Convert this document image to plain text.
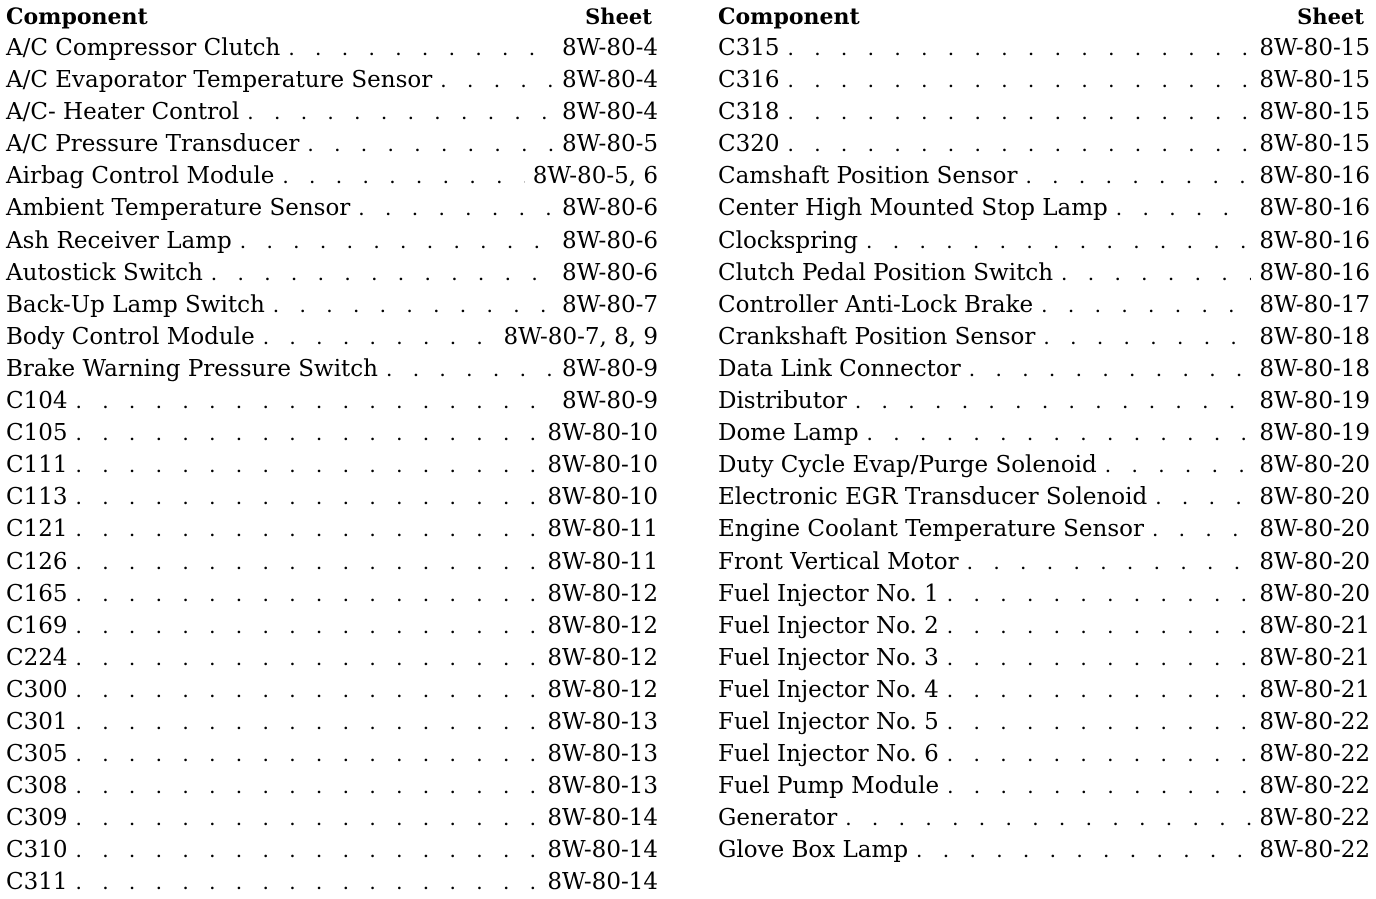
Component	Sheet
A/C Compressor Clutch . . .	8W-80-4
A/C Evaporator Temperature Sensor . . .	8W-80-4
A/C- Heater Control . . .	8W-80-4
A/C Pressure Transducer . . .	8W-80-5
Airbag Control Module . . .	8W-80-5, 6
Ambient Temperature Sensor . . .	8W-80-6
Ash Receiver Lamp . . .	8W-80-6
Autostick Switch . . .	8W-80-6
Back-Up Lamp Switch . . .	8W-80-7
Body Control Module . . .	8W-80-7, 8, 9
Brake Warning Pressure Switch . . .	8W-80-9
C104 . . .	8W-80-9
C105 . . .	8W-80-10
C111 . . .	8W-80-10
C113 . . .	8W-80-10
C121 . . .	8W-80-11
C126 . . .	8W-80-11
C165 . . .	8W-80-12
C169 . . .	8W-80-12
C224 . . .	8W-80-12
C300 . . .	8W-80-12
C301 . . .	8W-80-13
C305 . . .	8W-80-13
C308 . . .	8W-80-13
C309 . . .	8W-80-14
C310 . . .	8W-80-14
C311 . . .	8W-80-14
Component	Sheet
C315 . . .	8W-80-15
C316 . . .	8W-80-15
C318 . . .	8W-80-15
C320 . . .	8W-80-15
Camshaft Position Sensor . . .	8W-80-16
Center High Mounted Stop Lamp . . .	8W-80-16
Clockspring . . .	8W-80-16
Clutch Pedal Position Switch . . .	8W-80-16
Controller Anti-Lock Brake . . .	8W-80-17
Crankshaft Position Sensor . . .	8W-80-18
Data Link Connector . . .	8W-80-18
Distributor . . .	8W-80-19
Dome Lamp . . .	8W-80-19
Duty Cycle Evap/Purge Solenoid . . .	8W-80-20
Electronic EGR Transducer Solenoid . . .	8W-80-20
Engine Coolant Temperature Sensor . . .	8W-80-20
Front Vertical Motor . . .	8W-80-20
Fuel Injector No. 1 . . .	8W-80-20
Fuel Injector No. 2 . . .	8W-80-21
Fuel Injector No. 3 . . .	8W-80-21
Fuel Injector No. 4 . . .	8W-80-21
Fuel Injector No. 5 . . .	8W-80-22
Fuel Injector No. 6 . . .	8W-80-22
Fuel Pump Module . . .	8W-80-22
Generator . . .	8W-80-22
Glove Box Lamp . . .	8W-80-22
